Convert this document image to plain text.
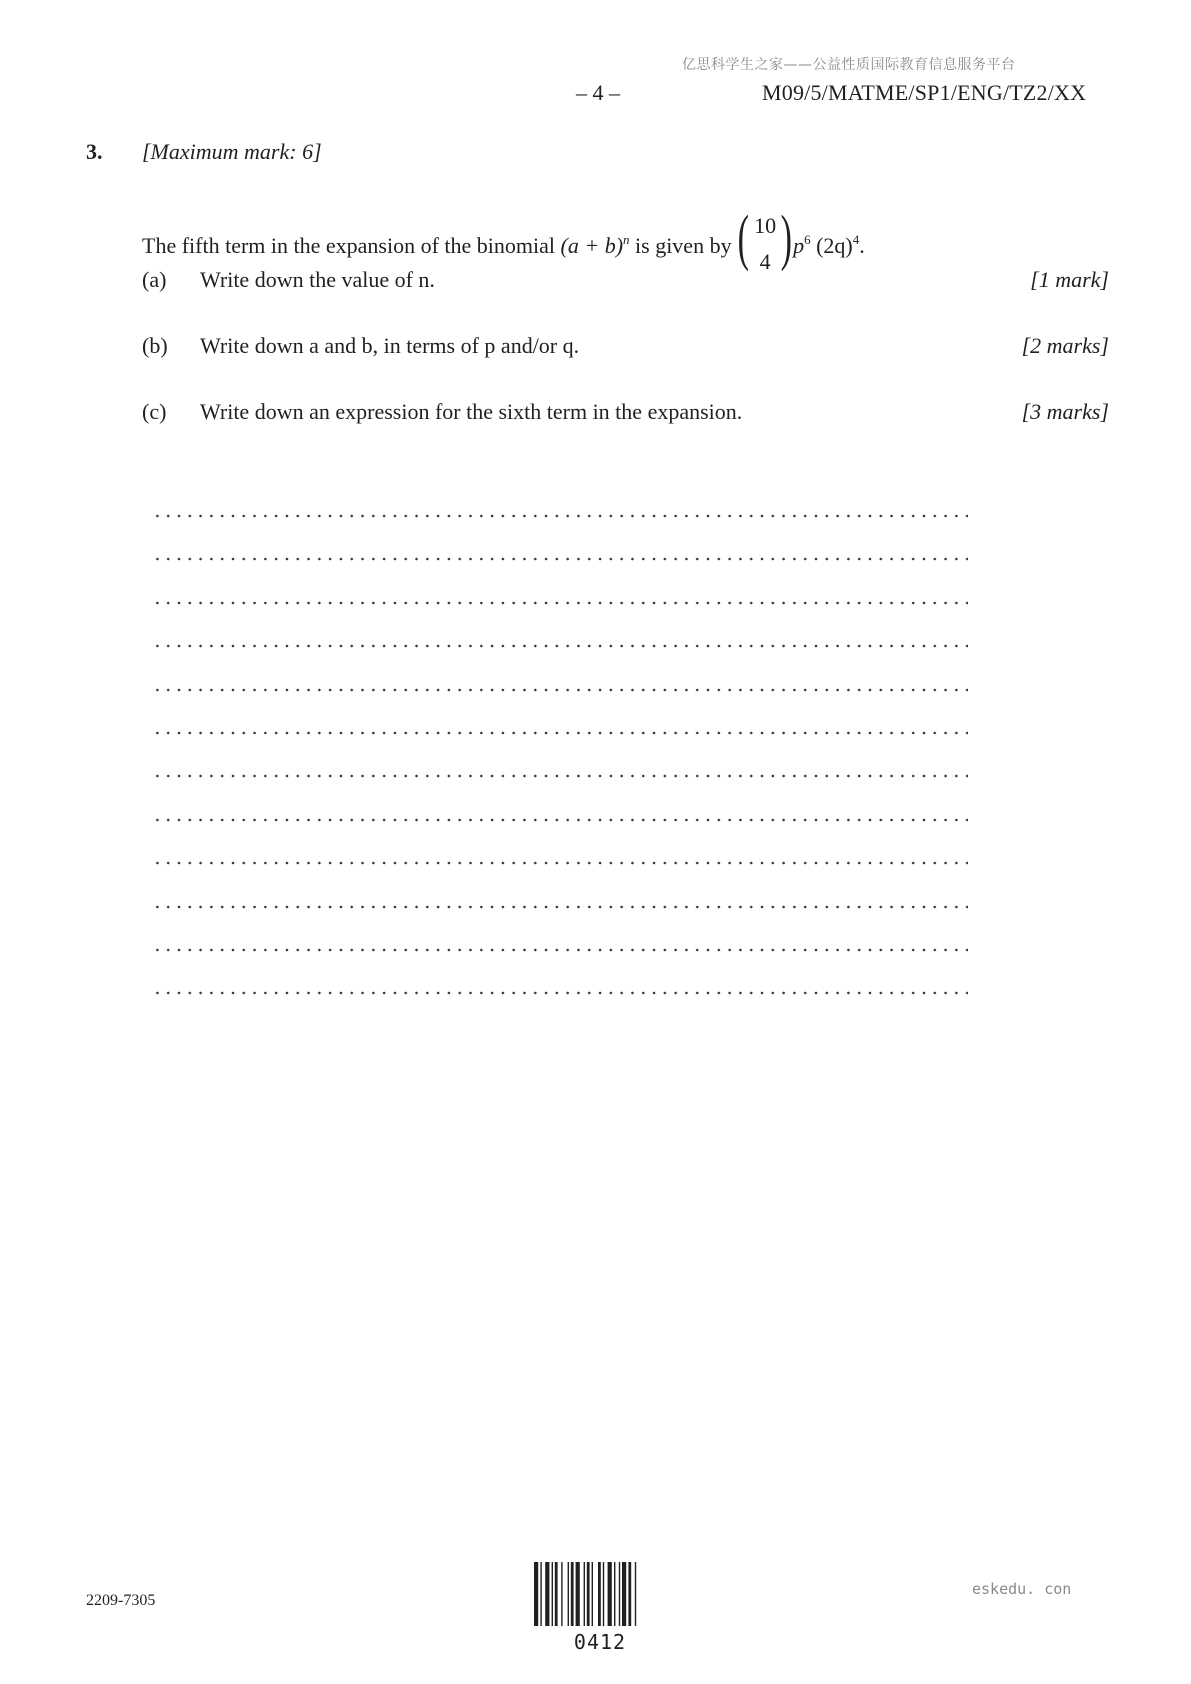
亿思科学生之家——公益性质国际教育信息服务平台
– 4 –	M09/5/MATME/SP1/ENG/TZ2/XX
3. [Maximum mark: 6]
The fifth term in the expansion of the binomial $(a + b)^n$ is given by ( 10
4 ) $p^6$ $(2q)^4$.
(a) Write down the value of n.	[1 mark]
(b) Write down a and b, in terms of p and/or q.	[2 marks]
(c) Write down an expression for the sixth term in the expansion.	[3 marks]
2209-7305
0412
eskedu. con
